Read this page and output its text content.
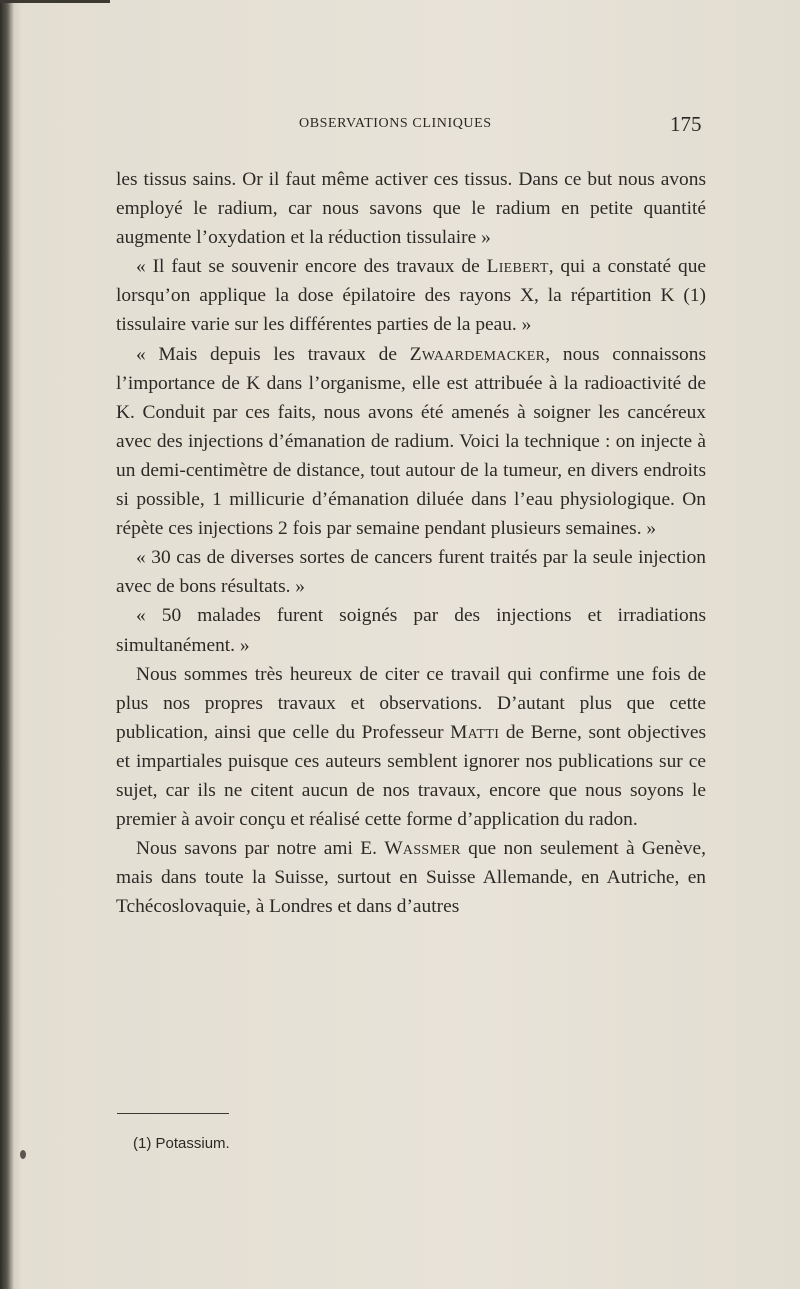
OBSERVATIONS CLINIQUES	175

les tissus sains. Or il faut même activer ces tissus. Dans ce but nous avons employé le radium, car nous savons que le radium en petite quantité augmente l’oxydation et la réduction tissulaire »

« Il faut se souvenir encore des travaux de Liebert, qui a constaté que lorsqu’on applique la dose épilatoire des rayons X, la répartition K (1) tissulaire varie sur les différentes parties de la peau. »

« Mais depuis les travaux de Zwaardemacker, nous connaissons l’importance de K dans l’organisme, elle est attribuée à la radioactivité de K. Conduit par ces faits, nous avons été amenés à soigner les cancéreux avec des injections d’émanation de radium. Voici la technique : on injecte à un demi-centimètre de distance, tout autour de la tumeur, en divers endroits si possible, 1 millicurie d’émanation diluée dans l’eau physiologique. On répète ces injections 2 fois par semaine pendant plusieurs semaines. »

« 30 cas de diverses sortes de cancers furent traités par la seule injection avec de bons résultats. »

« 50 malades furent soignés par des injections et irradiations simultanément. »

Nous sommes très heureux de citer ce travail qui confirme une fois de plus nos propres travaux et observations. D’autant plus que cette publication, ainsi que celle du Professeur Matti de Berne, sont objectives et impartiales puisque ces auteurs semblent ignorer nos publications sur ce sujet, car ils ne citent aucun de nos travaux, encore que nous soyons le premier à avoir conçu et réalisé cette forme d’application du radon.

Nous savons par notre ami E. Wassmer que non seulement à Genève, mais dans toute la Suisse, surtout en Suisse Allemande, en Autriche, en Tchécoslovaquie, à Londres et dans d’autres

(1) Potassium.
